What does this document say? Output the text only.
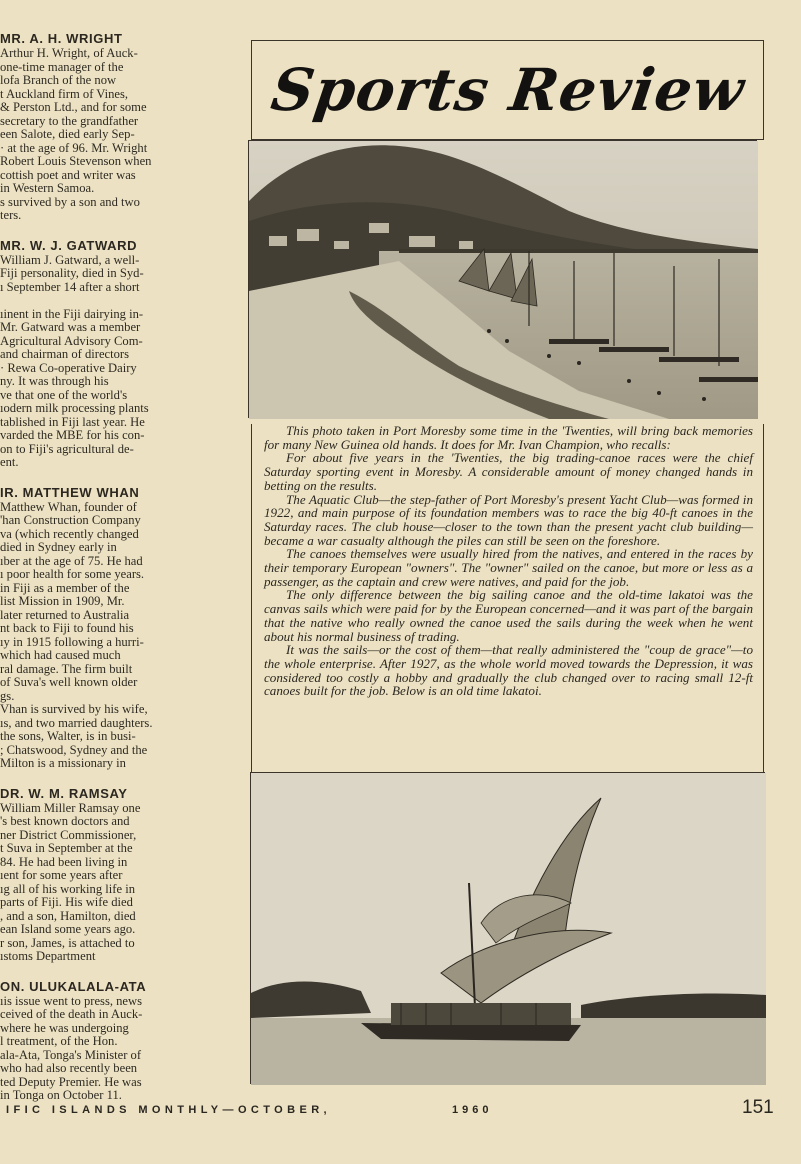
MR. A. H. WRIGHT

Arthur H. Wright, of Auck-

one-time manager of the

lofa Branch of the now

t Auckland firm of Vines,

& Perston Ltd., and for some

secretary to the grandfather

een Salote, died early Sep-

· at the age of 96. Mr. Wright

Robert Louis Stevenson when

cottish poet and writer was

in Western Samoa.

s survived by a son and two

ters.

MR. W. J. GATWARD

William J. Gatward, a well-

Fiji personality, died in Syd-

ı September 14 after a short

ıinent in the Fiji dairying in-

Mr. Gatward was a member

Agricultural Advisory Com-

and chairman of directors

· Rewa Co-operative Dairy

ny. It was through his

ve that one of the world's

ıodern milk processing plants

tablished in Fiji last year. He

varded the MBE for his con-

on to Fiji's agricultural de-

ent.

IR. MATTHEW WHAN

Matthew Whan, founder of

'han Construction Company

va (which recently changed

died in Sydney early in

ıber at the age of 75. He had

ı poor health for some years.

in Fiji as a member of the

list Mission in 1909, Mr.

later returned to Australia

nt back to Fiji to found his

ıy in 1915 following a hurri-

which had caused much

ral damage. The firm built

of Suva's well known older

gs.

Vhan is survived by his wife,

ıs, and two married daughters.

the sons, Walter, is in busi-

; Chatswood, Sydney and the

Milton is a missionary in

DR. W. M. RAMSAY

William Miller Ramsay one

's best known doctors and

ner District Commissioner,

t Suva in September at the

84. He had been living in

ıent for some years after

ıg all of his working life in

parts of Fiji. His wife died

, and a son, Hamilton, died

ean Island some years ago.

r son, James, is attached to

ıstoms Department

ON. ULUKALALA-ATA

ıis issue went to press, news

ceived of the death in Auck-

where he was undergoing

l treatment, of the Hon.

ala-Ata, Tonga's Minister of

who had also recently been

ted Deputy Premier. He was

in Tonga on October 11.

Sports Review

This photo taken in Port Moresby some time in the 'Twenties, will bring back memories for many New Guinea old hands. It does for Mr. Ivan Champion, who recalls:

For about five years in the 'Twenties, the big trading-canoe races were the chief Saturday sporting event in Moresby. A considerable amount of money changed hands in betting on the results.

The Aquatic Club—the step-father of Port Moresby's present Yacht Club—was formed in 1922, and main purpose of its foundation members was to race the big 40-ft canoes in the Saturday races. The club house—closer to the town than the present yacht club building—became a war casualty although the piles can still be seen on the foreshore.

The canoes themselves were usually hired from the natives, and entered in the races by their temporary European "owners". The "owner" sailed on the canoe, but more or less as a passenger, as the captain and crew were natives, and paid for the job.

The only difference between the big sailing canoe and the old-time lakatoi was the canvas sails which were paid for by the European concerned—and it was part of the bargain that the native who really owned the canoe used the sails during the week when he went about his normal business of trading.

It was the sails—or the cost of them—that really administered the "coup de grace"—to the whole enterprise. After 1927, as the whole world moved towards the Depression, it was considered too costly a hobby and gradually the club changed over to racing small 12-ft canoes built for the job. Below is an old time lakatoi.

IFIC ISLANDS MONTHLY—OCTOBER,	1960	151
